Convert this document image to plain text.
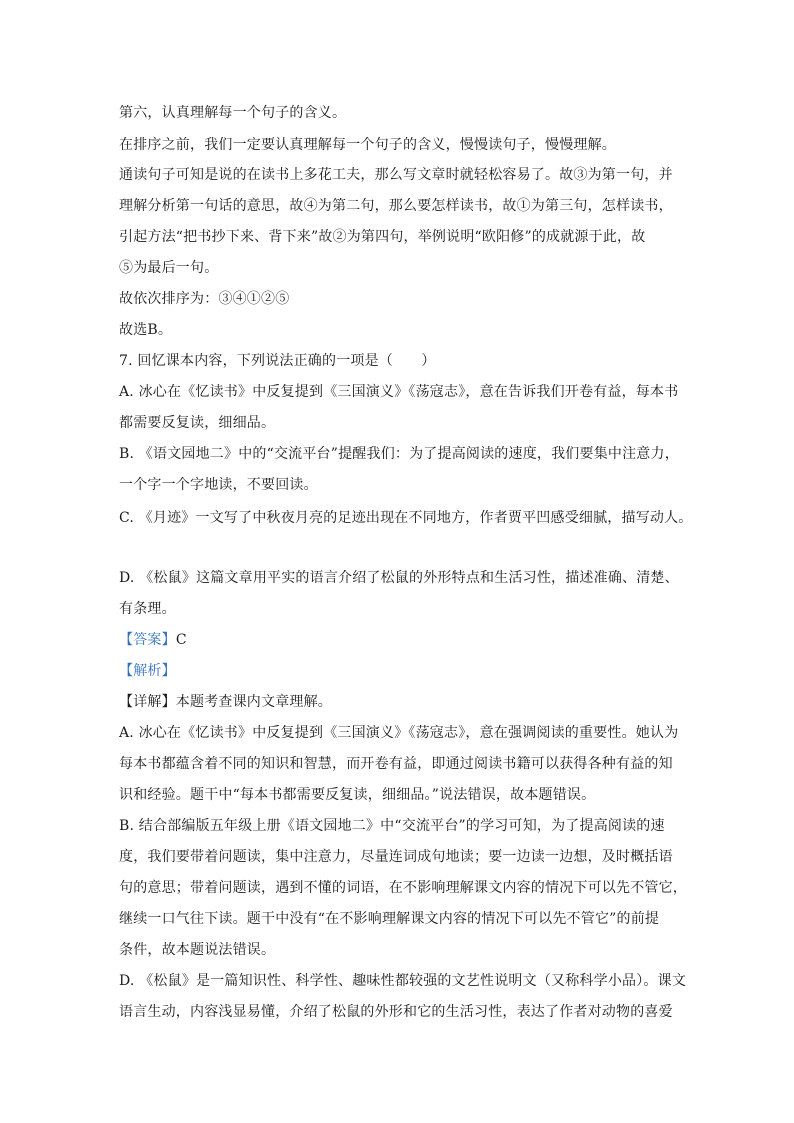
第六，认真理解每一个句子的含义。
在排序之前，我们一定要认真理解每一个句子的含义，慢慢读句子，慢慢理解。
通读句子可知是说的在读书上多花工夫，那么写文章时就轻松容易了。故③为第一句，并
理解分析第一句话的意思，故④为第二句，那么要怎样读书，故①为第三句，怎样读书，
引起方法“把书抄下来、背下来”故②为第四句，举例说明“欧阳修”的成就源于此，故
⑤为最后一句。
故依次排序为：③④①②⑤
故选B。
7. 回忆课本内容，下列说法正确的一项是（　　）
A. 冰心在《忆读书》中反复提到《三国演义》《荡寇志》，意在告诉我们开卷有益，每本书
都需要反复读，细细品。
B. 《语文园地二》中的“交流平台”提醒我们：为了提高阅读的速度，我们要集中注意力，
一个字一个字地读，不要回读。
C. 《月迹》一文写了中秋夜月亮的足迹出现在不同地方，作者贾平凹感受细腻，描写动人。
D. 《松鼠》这篇文章用平实的语言介绍了松鼠的外形特点和生活习性，描述准确、清楚、
有条理。
【答案】C
【解析】
【详解】本题考查课内文章理解。
A. 冰心在《忆读书》中反复提到《三国演义》《荡寇志》，意在强调阅读的重要性。她认为
每本书都蕴含着不同的知识和智慧，而开卷有益，即通过阅读书籍可以获得各种有益的知
识和经验。题干中“每本书都需要反复读，细细品。”说法错误，故本题错误。
B. 结合部编版五年级上册《语文园地二》中“交流平台”的学习可知，为了提高阅读的速
度，我们要带着问题读，集中注意力，尽量连词成句地读；要一边读一边想，及时概括语
句的意思；带着问题读，遇到不懂的词语，在不影响理解课文内容的情况下可以先不管它，
继续一口气往下读。题干中没有“在不影响理解课文内容的情况下可以先不管它”的前提
条件，故本题说法错误。
D. 《松鼠》是一篇知识性、科学性、趣味性都较强的文艺性说明文（又称科学小品）。课文
语言生动，内容浅显易懂，介绍了松鼠的外形和它的生活习性，表达了作者对动物的喜爱
